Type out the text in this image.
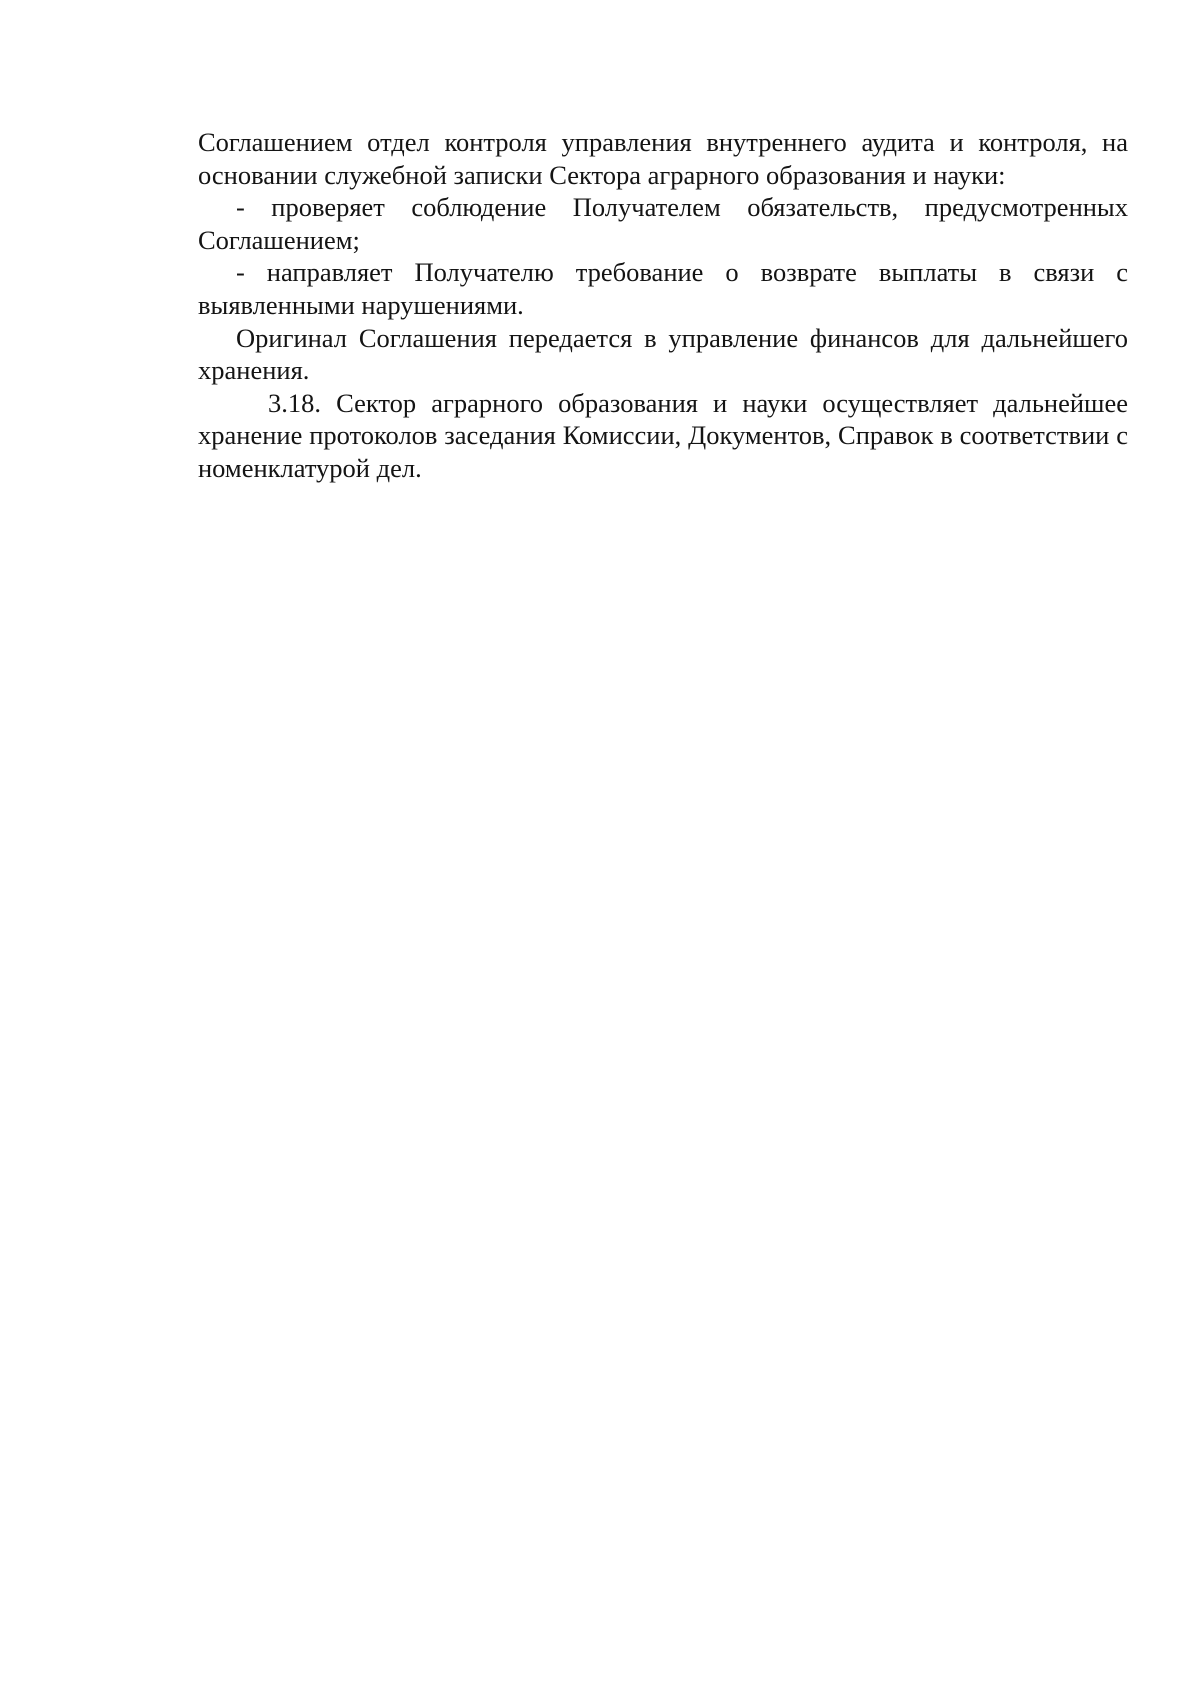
Соглашением отдел контроля управления внутреннего аудита и контроля, на основании служебной записки Сектора аграрного образования и науки:

- проверяет соблюдение Получателем обязательств, предусмотренных Соглашением;

- направляет Получателю требование о возврате выплаты в связи с выявленными нарушениями.

Оригинал Соглашения передается в управление финансов для дальнейшего хранения.

3.18. Сектор аграрного образования и науки осуществляет дальнейшее хранение протоколов заседания Комиссии, Документов, Справок в соответствии с номенклатурой дел.
